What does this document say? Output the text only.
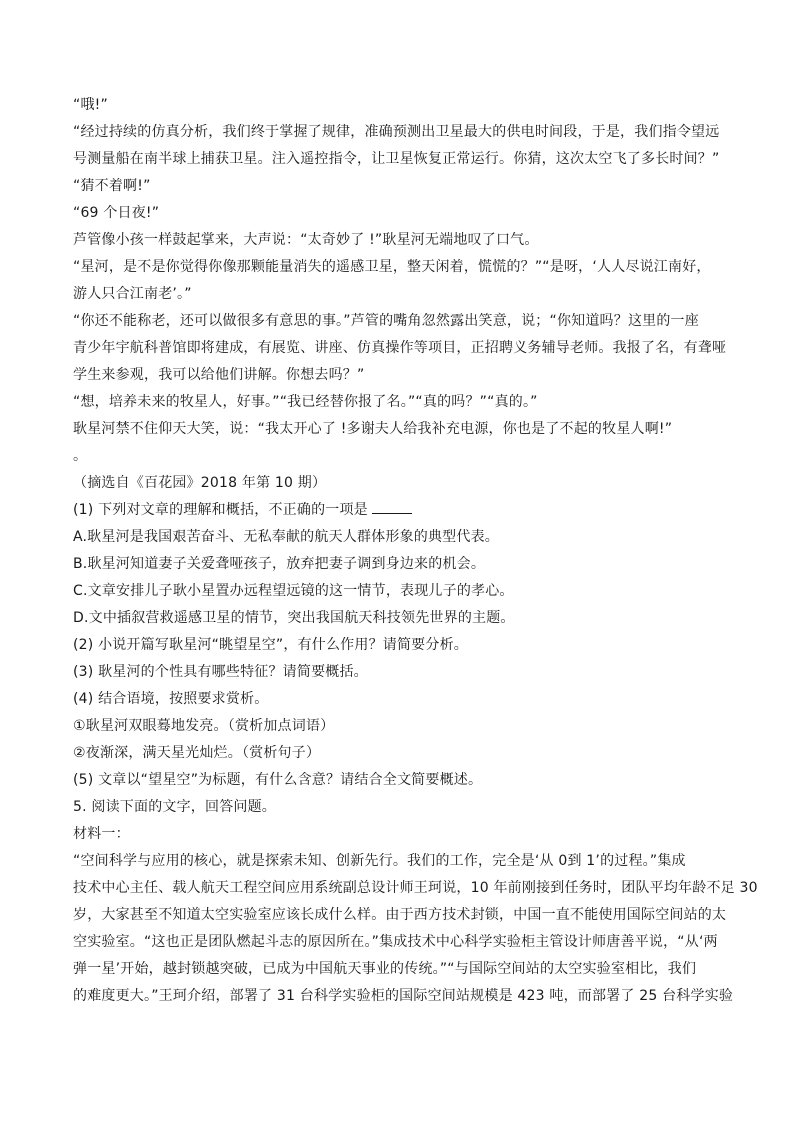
“哦!”
“经过持续的仿真分析，我们终于掌握了规律，准确预测出卫星最大的供电时间段，于是，我们指令望远
号测量船在南半球上捕获卫星。注入遥控指令，让卫星恢复正常运行。你猜，这次太空飞了多长时间？”
“猜不着啊!”
“69 个日夜!”
芦管像小孩一样鼓起掌来，大声说：“太奇妙了 !”耿星河无端地叹了口气。
“星河，是不是你觉得你像那颗能量消失的遥感卫星，整天闲着，慌慌的？”“是呀，‘人人尽说江南好，
游人只合江南老’。”
“你还不能称老，还可以做很多有意思的事。”芦管的嘴角忽然露出笑意，说；“你知道吗？这里的一座
青少年宇航科普馆即将建成，有展览、讲座、仿真操作等项目，正招聘义务辅导老师。我报了名，有聋哑
学生来参观，我可以给他们讲解。你想去吗？”
“想，培养未来的牧星人，好事。”“我已经替你报了名。”“真的吗？”“真的。”
耿星河禁不住仰天大笑，说：“我太开心了 !多谢夫人给我补充电源，你也是了不起的牧星人啊!”
。
（摘选自《百花园》2018 年第 10 期）
(1) 下列对文章的理解和概括，不正确的一项是
A.耿星河是我国艰苦奋斗、无私奉献的航天人群体形象的典型代表。
B.耿星河知道妻子关爱聋哑孩子，放弃把妻子调到身边来的机会。
C.文章安排儿子耿小星置办远程望远镜的这一情节，表现儿子的孝心。
D.文中插叙营救遥感卫星的情节，突出我国航天科技领先世界的主题。
(2) 小说开篇写耿星河“眺望星空”，有什么作用？请简要分析。
(3) 耿星河的个性具有哪些特征？请简要概括。
(4) 结合语境，按照要求赏析。
①耿星河双眼蓦地发亮。（赏析加点词语）
②夜渐深，满天星光灿烂。（赏析句子）
(5) 文章以“望星空”为标题，有什么含意？请结合全文简要概述。
5. 阅读下面的文字，回答问题。
材料一：
“空间科学与应用的核心，就是探索未知、创新先行。我们的工作，完全是‘从 0到 1’的过程。”集成
技术中心主任、载人航天工程空间应用系统副总设计师王珂说，10 年前刚接到任务时，团队平均年龄不足 30
岁，大家甚至不知道太空实验室应该长成什么样。由于西方技术封锁，中国一直不能使用国际空间站的太
空实验室。“这也正是团队燃起斗志的原因所在。”集成技术中心科学实验柜主管设计师唐善平说，“从‘两
弹一星’开始，越封锁越突破，已成为中国航天事业的传统。”“与国际空间站的太空实验室相比，我们
的难度更大。”王珂介绍，部署了 31 台科学实验柜的国际空间站规模是 423 吨，而部署了 25 台科学实验
